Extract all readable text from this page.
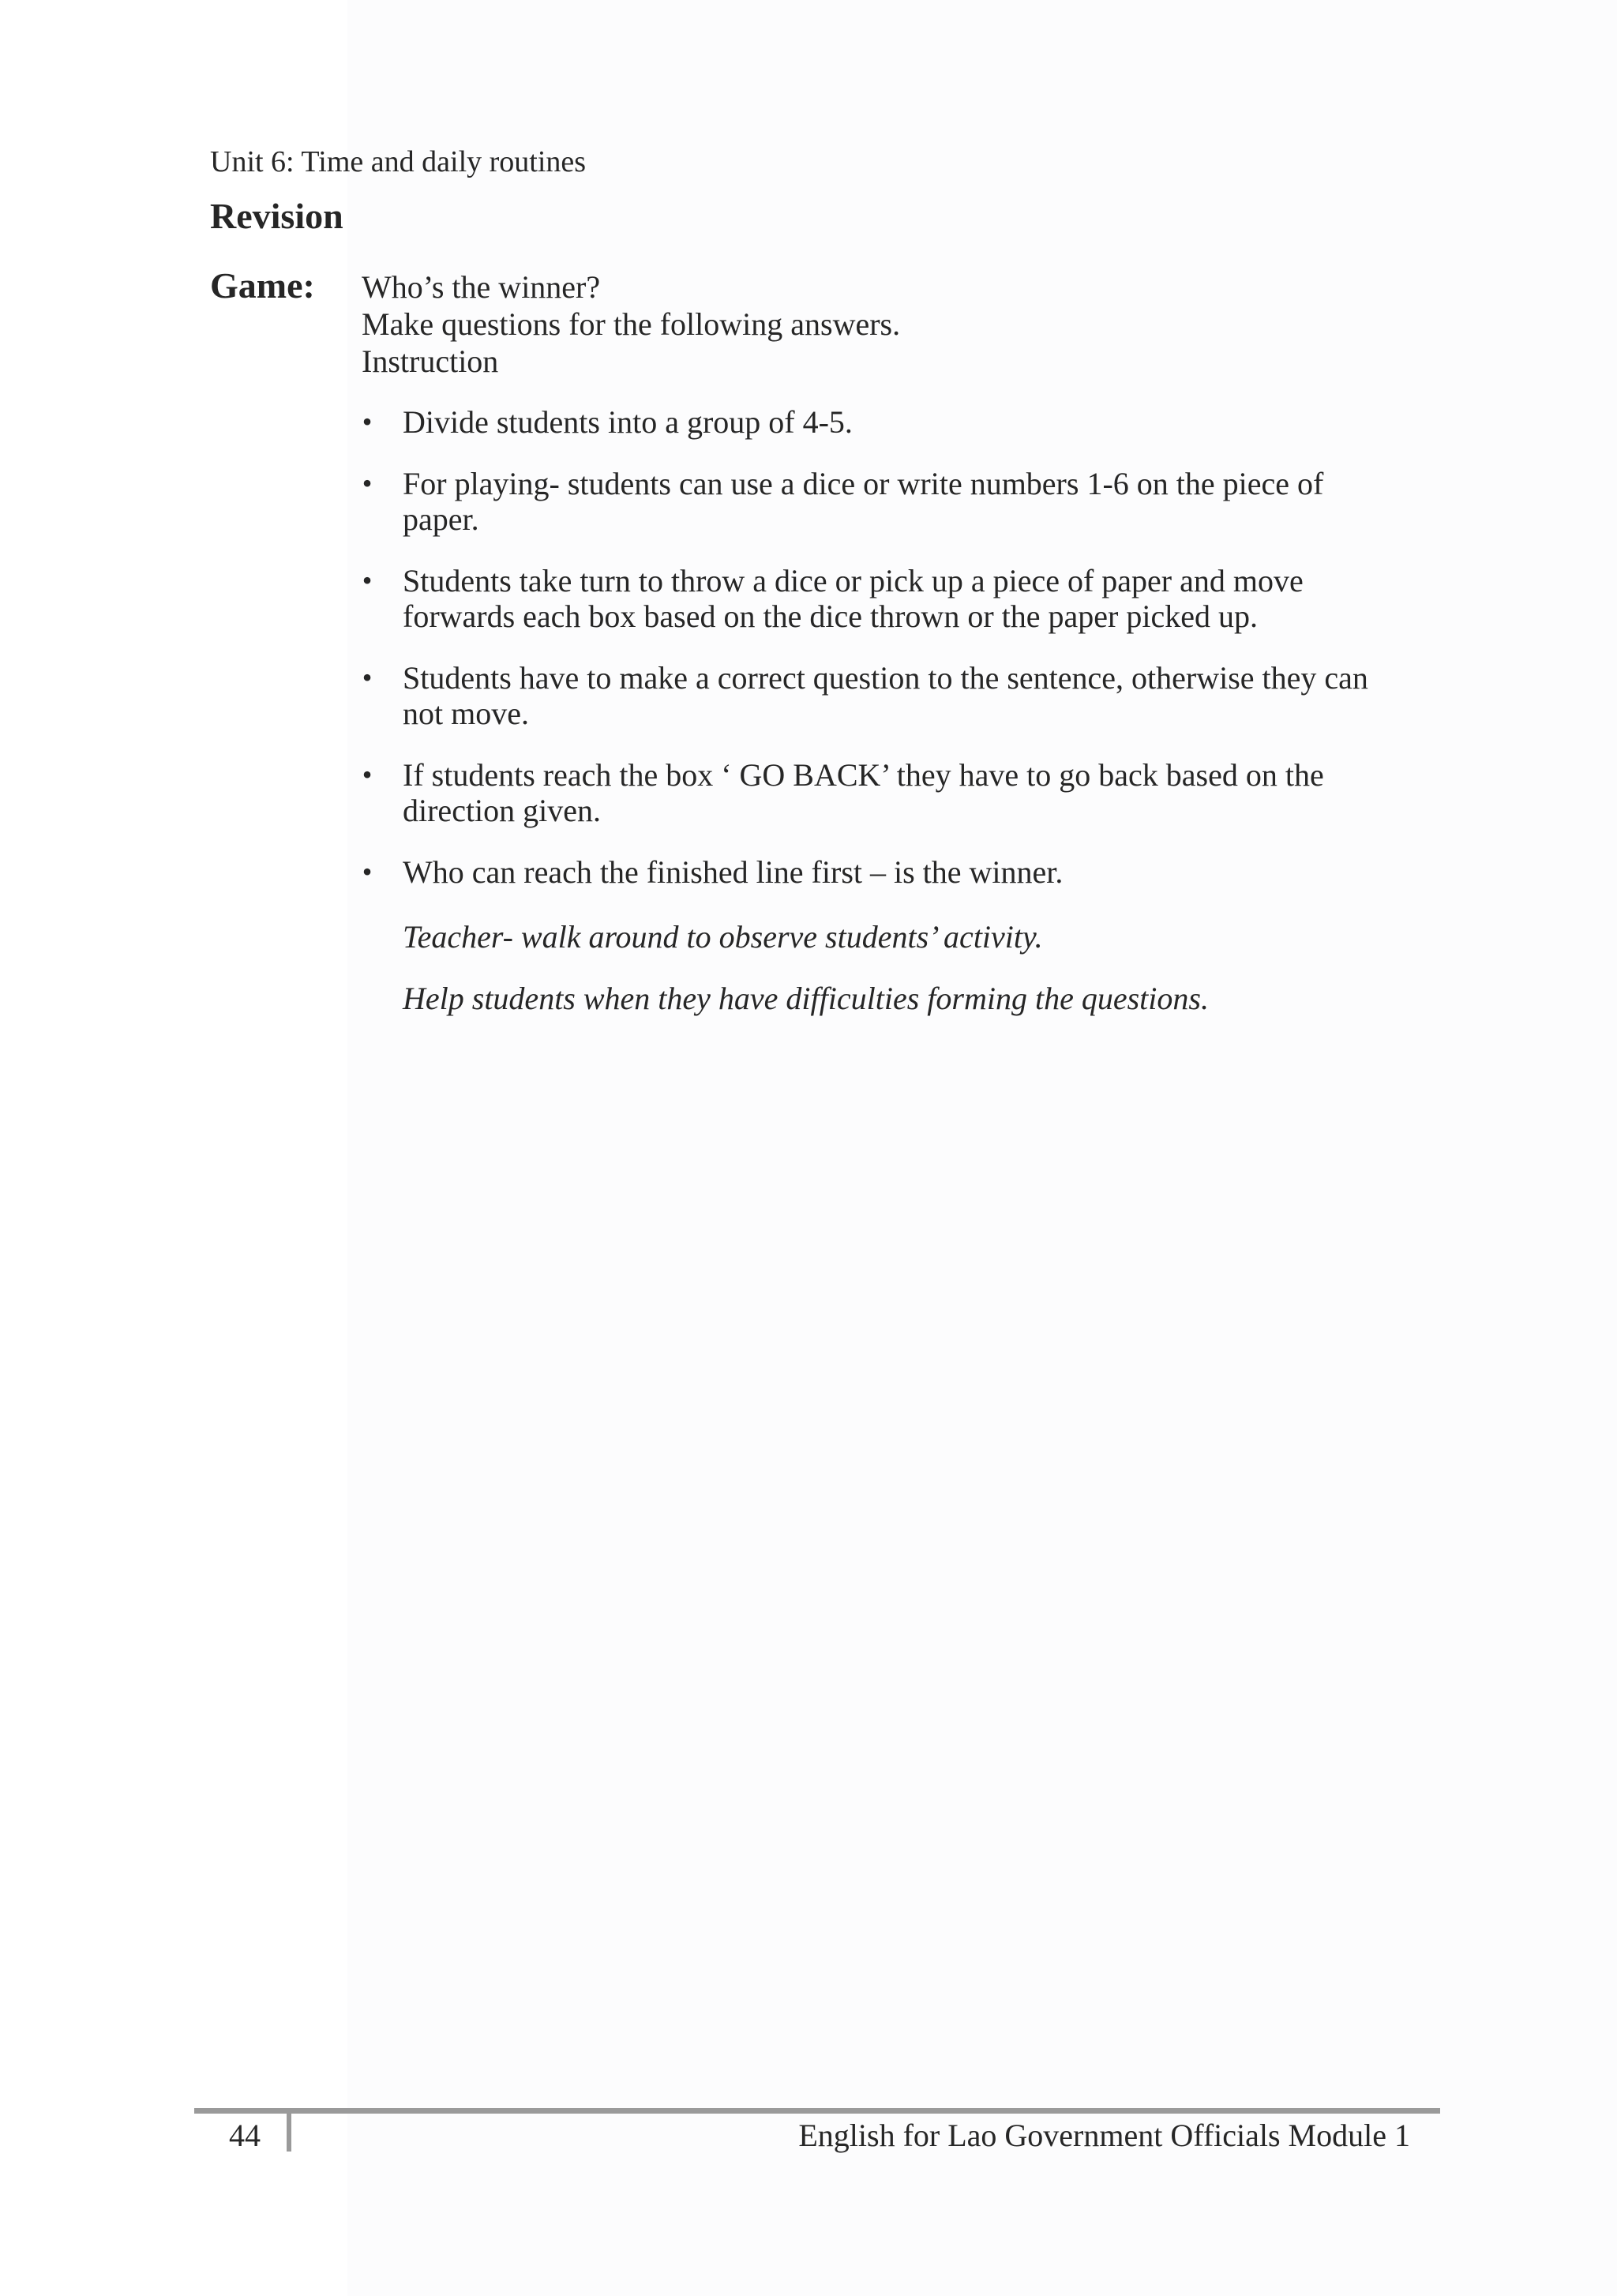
Unit 6: Time and daily routines
Revision
Game: Who’s the winner?
Make questions for the following answers.
Instruction
• Divide students into a group of 4-5.
• For playing- students can use a dice or write numbers 1-6 on the piece of paper.
• Students take turn to throw a dice or pick up a piece of paper and move forwards each box based on the dice thrown or the paper picked up.
• Students have to make a correct question to the sentence, otherwise they can not move.
• If students reach the box ‘ GO BACK’ they have to go back based on the direction given.
• Who can reach the finished line first – is the winner.
Teacher- walk around to observe students’ activity.
Help students when they have difficulties forming the questions.
44	English for Lao Government Officials Module 1
